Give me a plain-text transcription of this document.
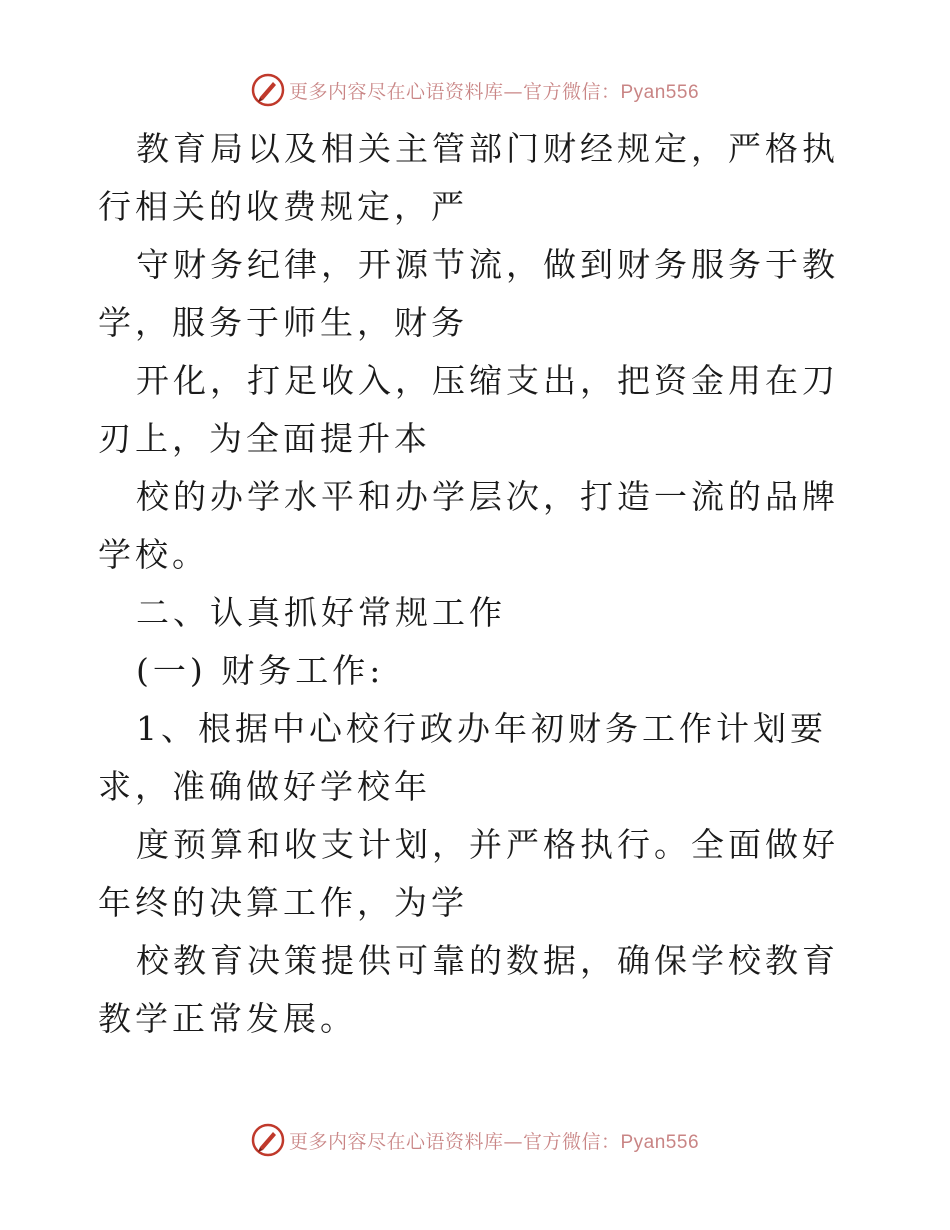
更多内容尽在心语资料库—官方微信：Pyan556

教育局以及相关主管部门财经规定，严格执行相关的收费规定，严

守财务纪律，开源节流，做到财务服务于教学，服务于师生，财务

开化，打足收入，压缩支出，把资金用在刀刃上，为全面提升本

校的办学水平和办学层次，打造一流的品牌学校。

二、认真抓好常规工作

(一) 财务工作:

1、根据中心校行政办年初财务工作计划要求，准确做好学校年

度预算和收支计划，并严格执行。全面做好年终的决算工作，为学

校教育决策提供可靠的数据，确保学校教育教学正常发展。

更多内容尽在心语资料库—官方微信：Pyan556
